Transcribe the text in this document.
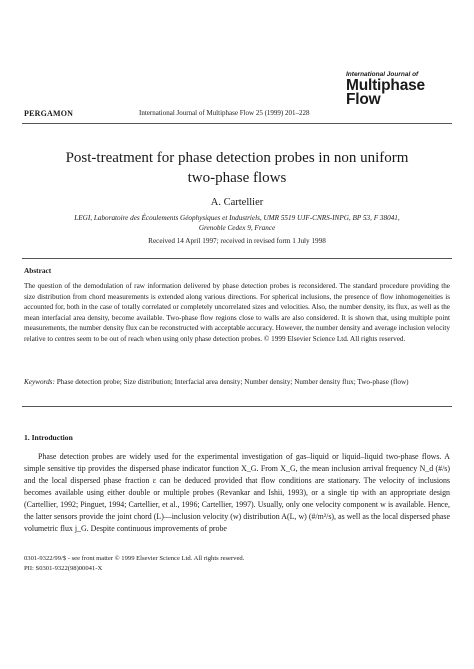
International Journal of
Multiphase
Flow
PERGAMON	International Journal of Multiphase Flow 25 (1999) 201–228
Post-treatment for phase detection probes in non uniform
two-phase flows
A. Cartellier
LEGI, Laboratoire des Écoulements Géophysiques et Industriels, UMR 5519 UJF-CNRS-INPG, BP 53, F 38041,
Grenoble Cedex 9, France
Received 14 April 1997; received in revised form 1 July 1998
Abstract
The question of the demodulation of raw information delivered by phase detection probes is reconsidered. The standard procedure providing the size distribution from chord measurements is extended along various directions. For spherical inclusions, the presence of flow inhomogeneities is accounted for, both in the case of totally correlated or completely uncorrelated sizes and velocities. Also, the number density, its flux, as well as the mean interfacial area density, become available. Two-phase flow regions close to walls are also considered. It is shown that, using multiple point measurements, the number density flux can be reconstructed with acceptable accuracy. However, the number density and average inclusion velocity relative to centres seem to be out of reach when using only phase detection probes. © 1999 Elsevier Science Ltd. All rights reserved.
Keywords: Phase detection probe; Size distribution; Interfacial area density; Number density; Number density flux; Two-phase (flow)
1. Introduction

Phase detection probes are widely used for the experimental investigation of gas–liquid or liquid–liquid two-phase flows. A simple sensitive tip provides the dispersed phase indicator function X_G. From X_G, the mean inclusion arrival frequency N_d (#/s) and the local dispersed phase fraction ε can be deduced provided that flow conditions are stationary. The velocity of inclusions becomes available using either double or multiple probes (Revankar and Ishii, 1993), or a single tip with an appropriate design (Cartellier, 1992; Pinguet, 1994; Cartellier, et al., 1996; Cartellier, 1997). Usually, only one velocity component w is available. Hence, the latter sensors provide the joint chord (L)—inclusion velocity (w) distribution A(L, w) (#/m²/s), as well as the local dispersed phase volumetric flux j_G. Despite continuous improvements of probe

0301-9322/99/$ - see front matter © 1999 Elsevier Science Ltd. All rights reserved.
PII: S0301-9322(98)00041-X
